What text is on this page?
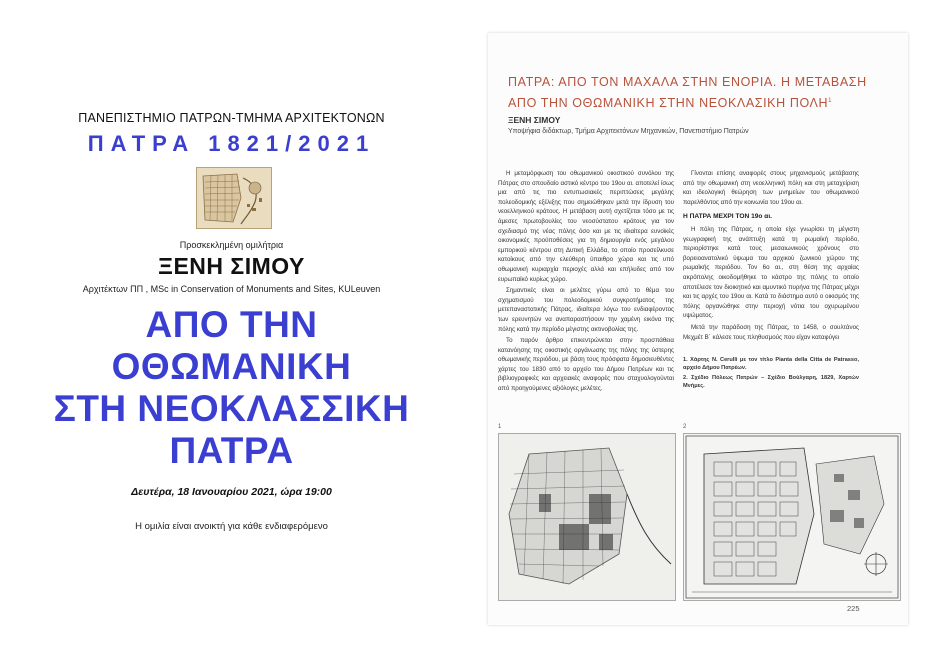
ΠΑΝΕΠΙΣΤΗΜΙΟ ΠΑΤΡΩΝ-ΤΜΗΜΑ ΑΡΧΙΤΕΚΤΟΝΩΝ
ΠΑΤΡΑ 1821/2021
Προσκεκλημένη ομιλήτρια
ΞΕΝΗ ΣΙΜΟΥ
Αρχιτέκτων ΠΠ , MSc in Conservation of Monuments and Sites, KULeuven
ΑΠΟ ΤΗΝ
ΟΘΩΜΑΝΙΚΗ
ΣΤΗ ΝΕΟΚΛΑΣΣΙΚΗ
ΠΑΤΡΑ
Δευτέρα, 18 Ιανουαρίου 2021, ώρα 19:00
Η ομιλία είναι ανοικτή για κάθε ενδιαφερόμενο
ΠΑΤΡΑ: ΑΠΟ ΤΟΝ ΜΑΧΑΛΑ ΣΤΗΝ ΕΝΟΡΙΑ. Η ΜΕΤΑΒΑΣΗ
ΑΠΟ ΤΗΝ ΟΘΩΜΑΝΙΚΗ ΣΤΗΝ ΝΕΟΚΛΑΣΙΚΗ ΠΟΛΗ$^1$
ΞΕΝΗ ΣΙΜΟΥ
Υποψήφια διδάκτωρ, Τμήμα Αρχιτεκτόνων Μηχανικών, Πανεπιστήμιο Πατρών

Η μεταμόρφωση του οθωμανικού οικιστικού συνόλου της Πάτρας στο σπουδαίο αστικό κέντρο του 19ου αι. αποτελεί ίσως μια από τις πιο εντυπωσιακές περιπτώσεις μεγάλης πολεοδομικής εξέλιξης που σημειώθηκαν μετά την ίδρυση του νεοελληνικού κράτους. Η μετάβαση αυτή σχετίζεται τόσο με τις άμεσες πρωτοβουλίες του νεοσύστατου κράτους για τον σχεδιασμό της νέας πόλης όσο και με τις ιδιαίτερα ευνοϊκές οικονομικές προϋποθέσεις για τη δημιουργία ενός μεγάλου εμπορικού κέντρου στη Δυτική Ελλάδα, το οποίο προσείλκυσε κατοίκους από την ελεύθερη ύπαιθρο χώρα και τις υπό οθωμανική κυριαρχία περιοχές αλλά και επήλυδες από τον ευρωπαϊκό κυρίως χώρο.

Σημαντικές είναι οι μελέτες γύρω από το θέμα του σχηματισμού του πολεοδομικού συγκροτήματος της μετεπαναστατικής Πάτρας, ιδιαίτερα λόγω του ενδιαφέροντος των ερευνητών να αναπαραστήσουν την χαμένη εικόνα της πόλης κατά την περίοδο μέγιστης ακτινοβολίας της.

Το παρόν άρθρο επικεντρώνεται στην προσπάθεια κατανόησης της οικιστικής οργάνωσης της πόλης της ύστερης οθωμανικής περιόδου, με βάση τους πρόσφατα δημοσιευθέντες χάρτες του 1830 από το αρχείο του Δήμου Πατρέων και τις βιβλιογραφικές και αρχειακές αναφορές που σταχυολογούνται από προηγούμενες αξιόλογες μελέτες.

Γίνονται επίσης αναφορές στους μηχανισμούς μετάβασης από την οθωμανική στη νεοελληνική πόλη και στη μεταχείριση και ιδεολογική θεώρηση των μνημείων του οθωμανικού παρελθόντος από την κοινωνία του 19ου αι.

Η ΠΑΤΡΑ ΜΕΧΡΙ ΤΟΝ 19ο αι.

Η πόλη της Πάτρας, η οποία είχε γνωρίσει τη μέγιστη γεωγραφική της ανάπτυξη κατά τη ρωμαϊκή περίοδο, περιορίστηκε κατά τους μεσαιωνικούς χρόνους στο βορειοανατολικό ύψωμα του αρχικού ζωνικού χώρου της ρωμαϊκής περιόδου. Τον 6ο αι., στη θέση της αρχαίας ακρόπολης οικοδομήθηκε το κάστρο της πόλης το οποίο αποτέλεσε τον διοικητικό και αμυντικό πυρήνα της Πάτρας μέχρι και τις αρχές του 19ου αι. Κατά το διάστημα αυτό ο οικισμός της πόλης οργανώθηκε στην περιοχή νότια του οχυρωμένου υψώματος.

Μετά την παράδοση της Πάτρας, το 1458, ο σουλτάνος Μεχμέτ Β΄ κάλεσε τους πληθυσμούς που είχαν καταφύγει

1. Χάρτης N. Cerulli με τον τίτλο Pianta della Citta de Patrasso, αρχείο Δήμου Πατρέων.
2. Σχέδιο Πόλεως Πατρών – Σχέδιο Βούλγαρη, 1829, Χαρτών Μνήμες.
1	2
225
